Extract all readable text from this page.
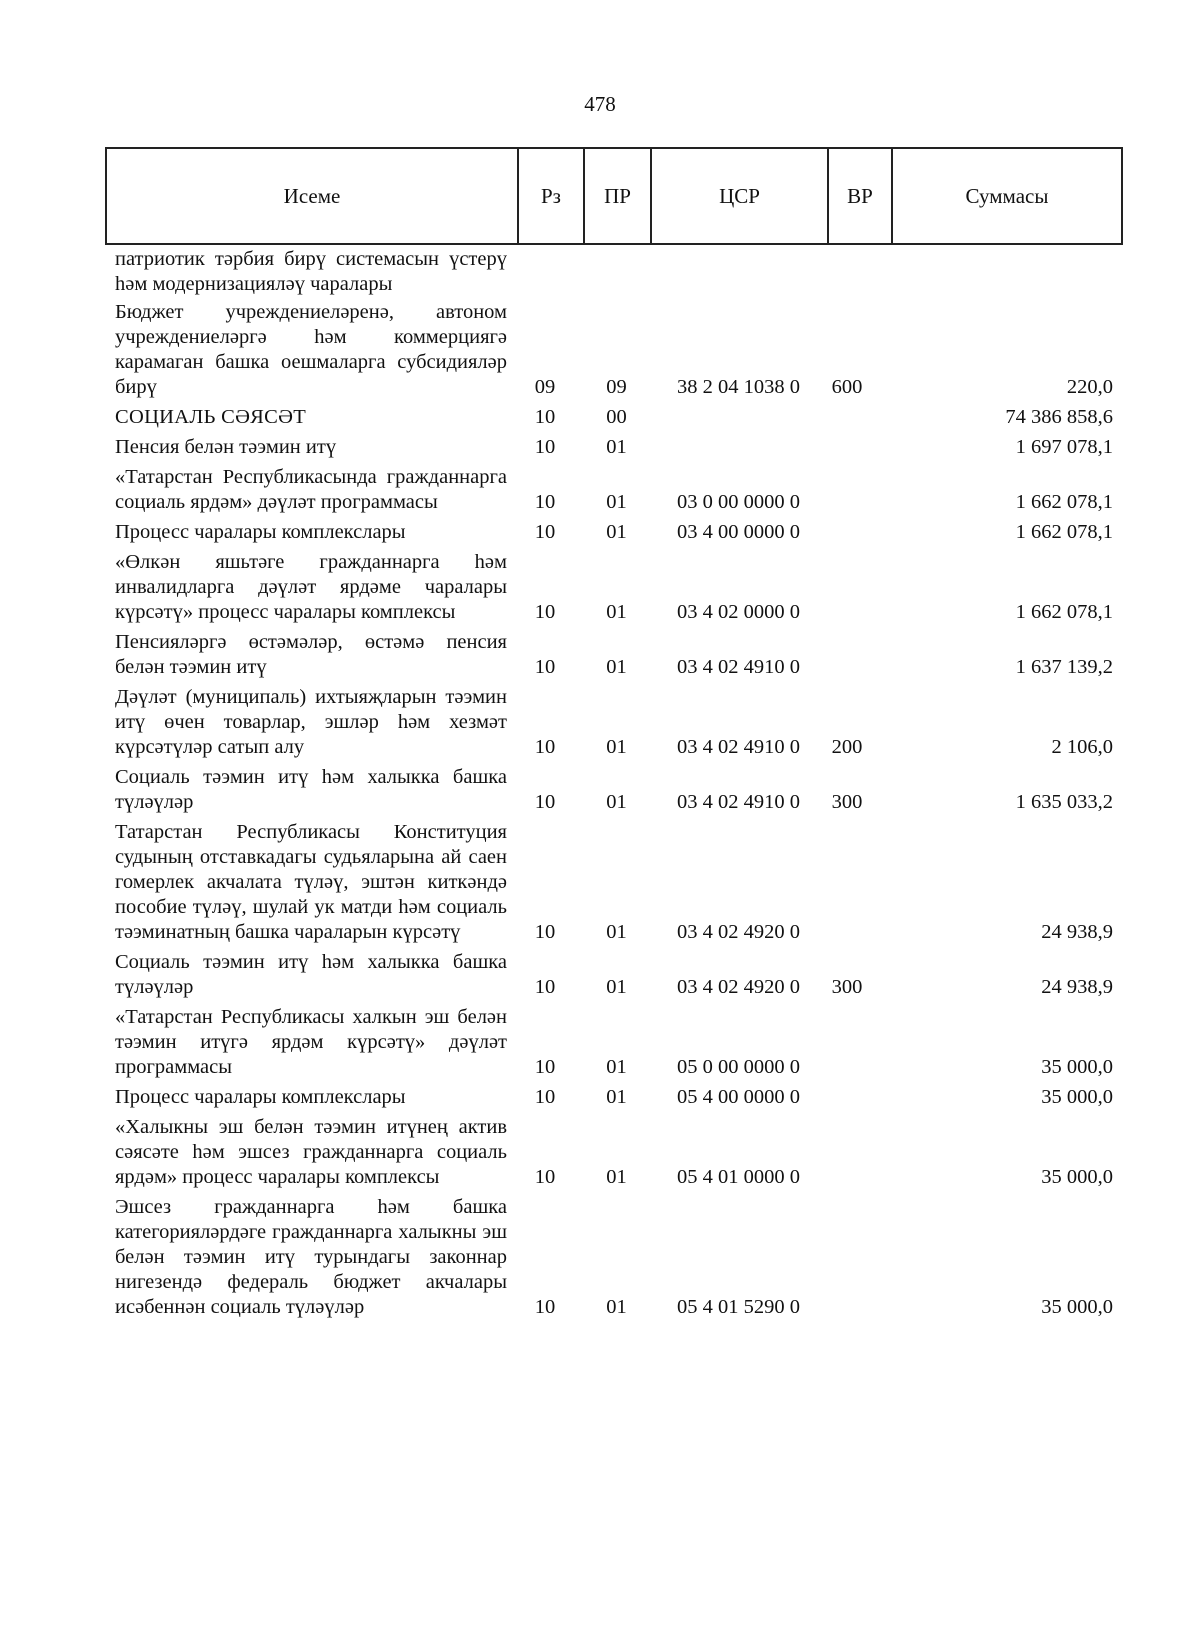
478
Исеме	Рз	ПР	ЦСР	ВР	Суммасы
патриотик тәрбия бирү системасын үстерү һәм модернизацияләү чаралары					
Бюджет учреждениеләренә, автоном учреждениеләргә һәм коммерциягә карамаган башка оешмаларга субсидияләр бирү	09	09	38 2 04 1038 0	600	220,0
СОЦИАЛЬ СӘЯСӘТ	10	00			74 386 858,6
Пенсия белән тәэмин итү	10	01			1 697 078,1
«Татарстан Республикасында гражданнарга социаль ярдәм» дәүләт программасы	10	01	03 0 00 0000 0		1 662 078,1
Процесс чаралары комплекслары	10	01	03 4 00 0000 0		1 662 078,1
«Өлкән яшьтәге гражданнарга һәм инвалидларга дәүләт ярдәме чаралары күрсәтү» процесс чаралары комплексы	10	01	03 4 02 0000 0		1 662 078,1
Пенсияләргә өстәмәләр, өстәмә пенсия белән тәэмин итү	10	01	03 4 02 4910 0		1 637 139,2
Дәүләт (муниципаль) ихтыяҗларын тәэмин итү өчен товарлар, эшләр һәм хезмәт күрсәтүләр сатып алу	10	01	03 4 02 4910 0	200	2 106,0
Социаль тәэмин итү һәм халыкка башка түләүләр	10	01	03 4 02 4910 0	300	1 635 033,2
Татарстан Республикасы Конституция судының отставкадагы судьяларына ай саен гомерлек акчалата түләү, эштән киткәндә пособие түләү, шулай ук матди һәм социаль тәэминатның башка чараларын күрсәтү	10	01	03 4 02 4920 0		24 938,9
Социаль тәэмин итү һәм халыкка башка түләүләр	10	01	03 4 02 4920 0	300	24 938,9
«Татарстан Республикасы халкын эш белән тәэмин итүгә ярдәм күрсәтү» дәүләт программасы	10	01	05 0 00 0000 0		35 000,0
Процесс чаралары комплекслары	10	01	05 4 00 0000 0		35 000,0
«Халыкны эш белән тәэмин итүнең актив сәясәте һәм эшсез гражданнарга социаль ярдәм» процесс чаралары комплексы	10	01	05 4 01 0000 0		35 000,0
Эшсез гражданнарга һәм башка категорияләрдәге гражданнарга халыкны эш белән тәэмин итү турындагы законнар нигезендә федераль бюджет акчалары исәбеннән социаль түләүләр	10	01	05 4 01 5290 0		35 000,0
